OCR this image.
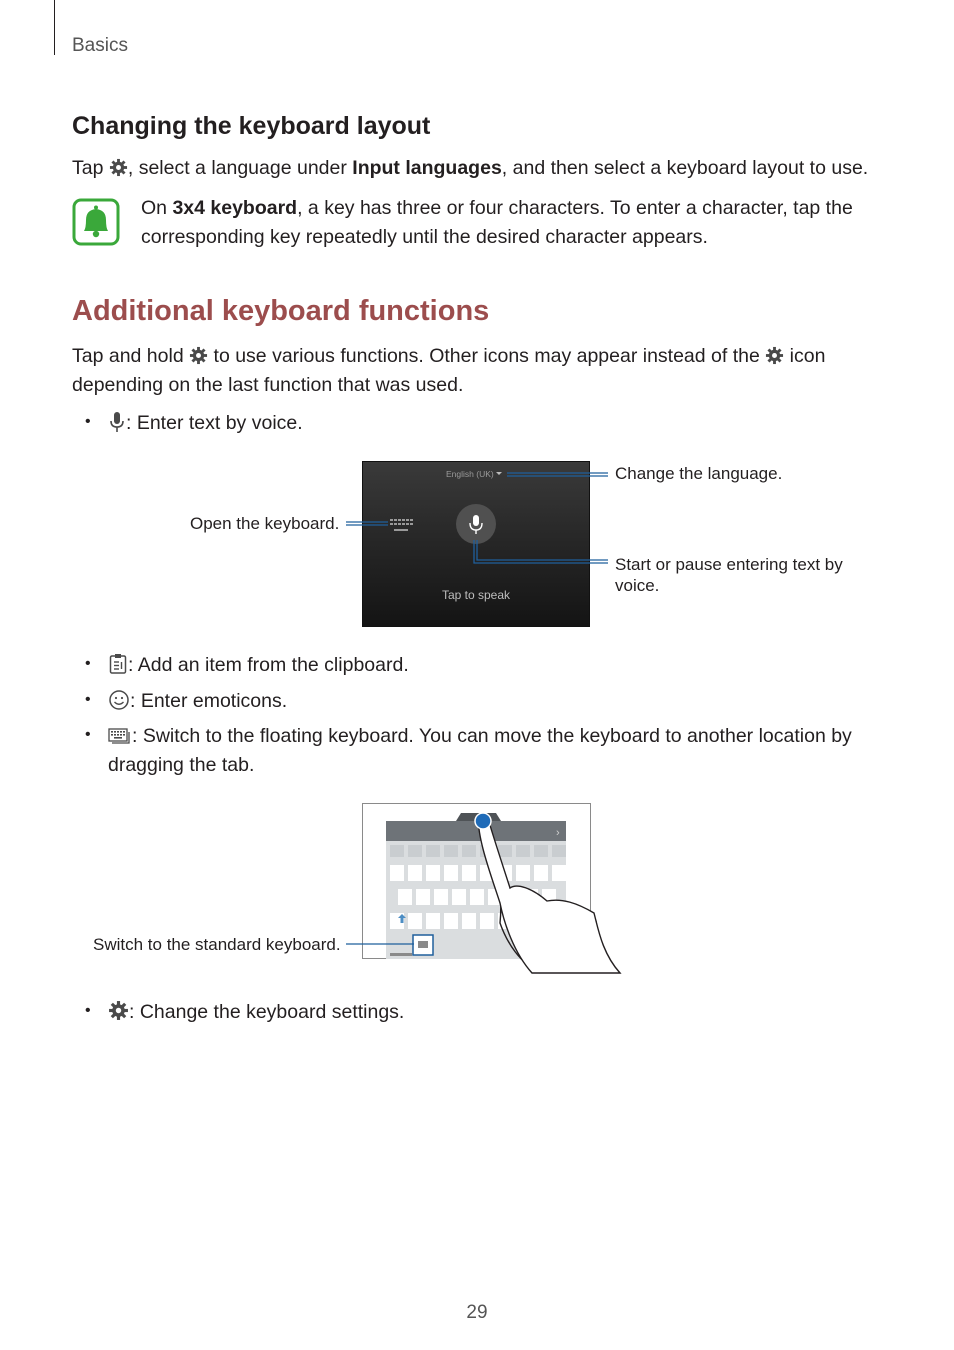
Basics
Changing the keyboard layout
Tap , select a language under Input languages, and then select a keyboard layout to use.
On 3x4 keyboard, a key has three or four characters. To enter a character, tap the
corresponding key repeatedly until the desired character appears.
Additional keyboard functions
Tap and hold  to use various functions. Other icons may appear instead of the  icon
depending on the last function that was used.
•	: Enter text by voice.
English (UK)
Tap to speak
Change the language.
Open the keyboard.
Start or pause entering text by
voice.
•	: Add an item from the clipboard.
•	: Enter emoticons.
•	: Switch to the floating keyboard. You can move the keyboard to another location by
dragging the tab.
›
Switch to the standard keyboard.
•	: Change the keyboard settings.
29
